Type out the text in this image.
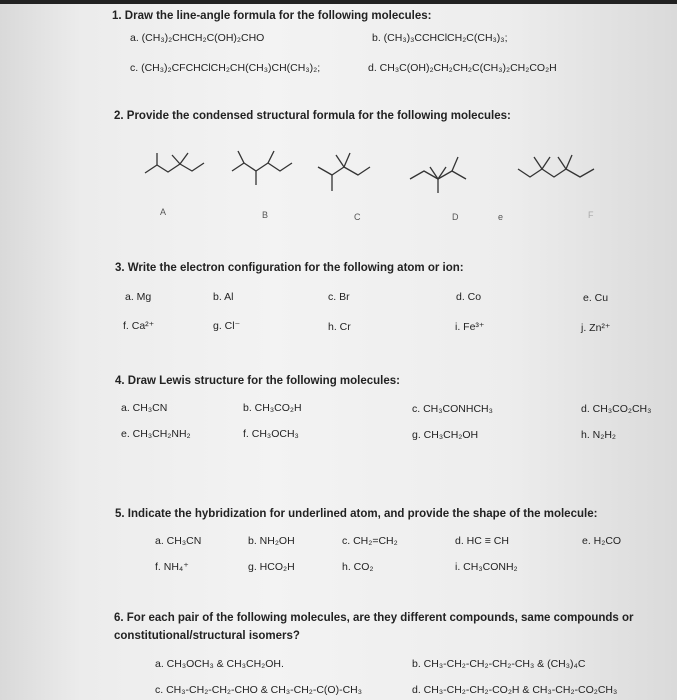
1. Draw the line-angle formula for the following molecules:
a. (CH₃)₂CHCH₂C(OH)₂CHO	b. (CH₃)₃CCHClCH₂C(CH₃)₃;
c. (CH₃)₂CFCHClCH₂CH(CH₃)CH(CH₃)₂;	d. CH₃C(OH)₂CH₂CH₂C(CH₃)₂CH₂CO₂H
2. Provide the condensed structural formula for the following molecules:
A	B	C	D	e	F
3. Write the electron configuration for the following atom or ion:
a. Mg	b. Al	c. Br	d. Co	e. Cu
f. Ca²⁺	g. Cl⁻	h. Cr	i. Fe³⁺	j. Zn²⁺
4. Draw Lewis structure for the following molecules:
a. CH₃CN	b. CH₃CO₂H	c. CH₃CONHCH₃	d. CH₃CO₂CH₃
e. CH₃CH₂NH₂	f. CH₃OCH₃	g. CH₃CH₂OH	h. N₂H₂
5. Indicate the hybridization for underlined atom, and provide the shape of the molecule:
a. CH₃CN	b. NH₂OH	c. CH₂=CH₂	d. HC ≡ CH	e. H₂CO
f. NH₄⁺	g. HCO₂H	h. CO₂	i. CH₃CONH₂
6. For each pair of the following molecules, are they different compounds, same compounds or
constitutional/structural isomers?
a. CH₃OCH₃ & CH₃CH₂OH.	b. CH₃-CH₂-CH₂-CH₂-CH₃ & (CH₃)₄C
c. CH₃-CH₂-CH₂-CHO & CH₃-CH₂-C(O)-CH₃	d. CH₃-CH₂-CH₂-CO₂H & CH₃-CH₂-CO₂CH₃
